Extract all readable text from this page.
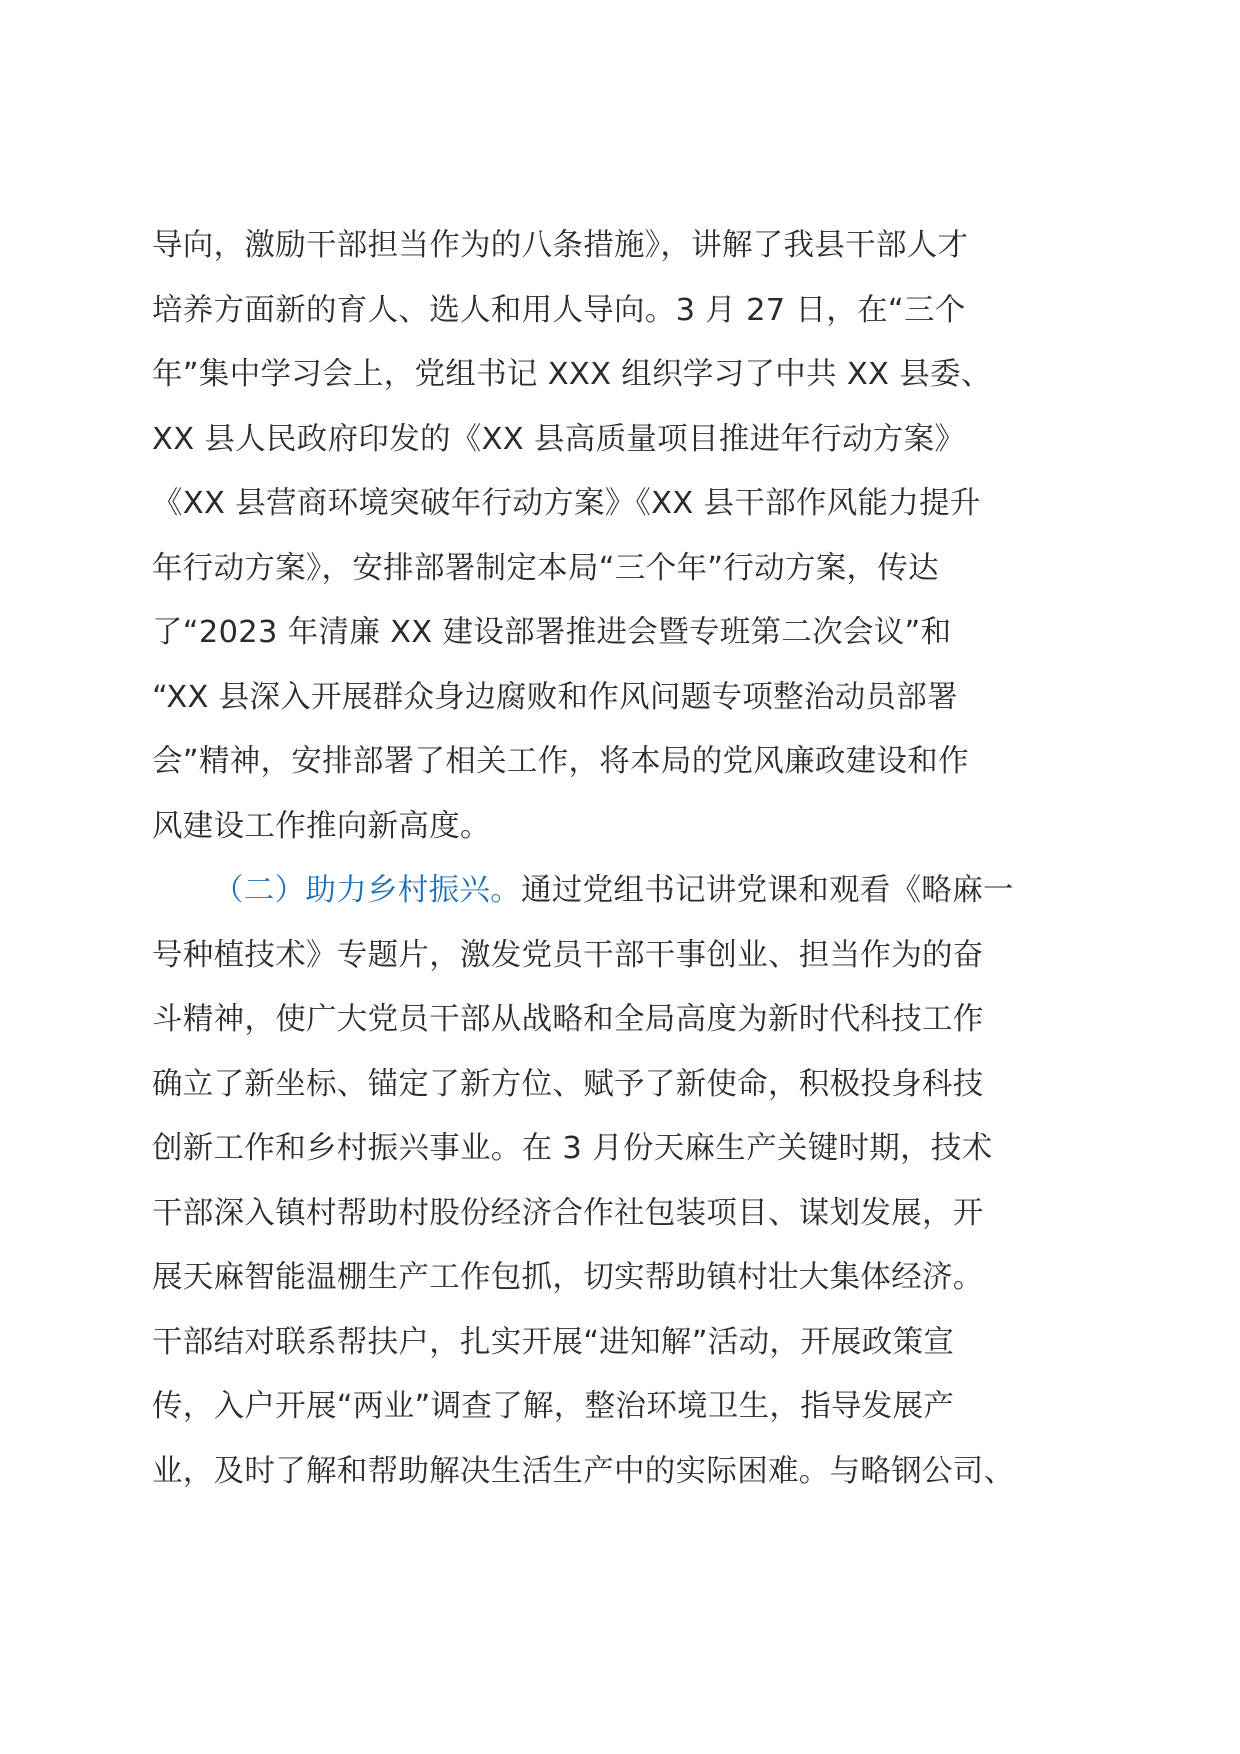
导向，激励干部担当作为的八条措施》，讲解了我县干部人才
培养方面新的育人、选人和用人导向。3 月 27 日，在“三个
年”集中学习会上，党组书记 XXX 组织学习了中共 XX 县委、
XX 县人民政府印发的《XX 县高质量项目推进年行动方案》
《XX 县营商环境突破年行动方案》《XX 县干部作风能力提升
年行动方案》，安排部署制定本局“三个年”行动方案，传达
了“2023 年清廉 XX 建设部署推进会暨专班第二次会议”和
“XX 县深入开展群众身边腐败和作风问题专项整治动员部署
会”精神，安排部署了相关工作，将本局的党风廉政建设和作
风建设工作推向新高度。
（二）助力乡村振兴。通过党组书记讲党课和观看《略麻一
号种植技术》专题片，激发党员干部干事创业、担当作为的奋
斗精神，使广大党员干部从战略和全局高度为新时代科技工作
确立了新坐标、锚定了新方位、赋予了新使命，积极投身科技
创新工作和乡村振兴事业。在 3 月份天麻生产关键时期，技术
干部深入镇村帮助村股份经济合作社包装项目、谋划发展，开
展天麻智能温棚生产工作包抓，切实帮助镇村壮大集体经济。
干部结对联系帮扶户，扎实开展“进知解”活动，开展政策宣
传，入户开展“两业”调查了解，整治环境卫生，指导发展产
业，及时了解和帮助解决生活生产中的实际困难。与略钢公司、
